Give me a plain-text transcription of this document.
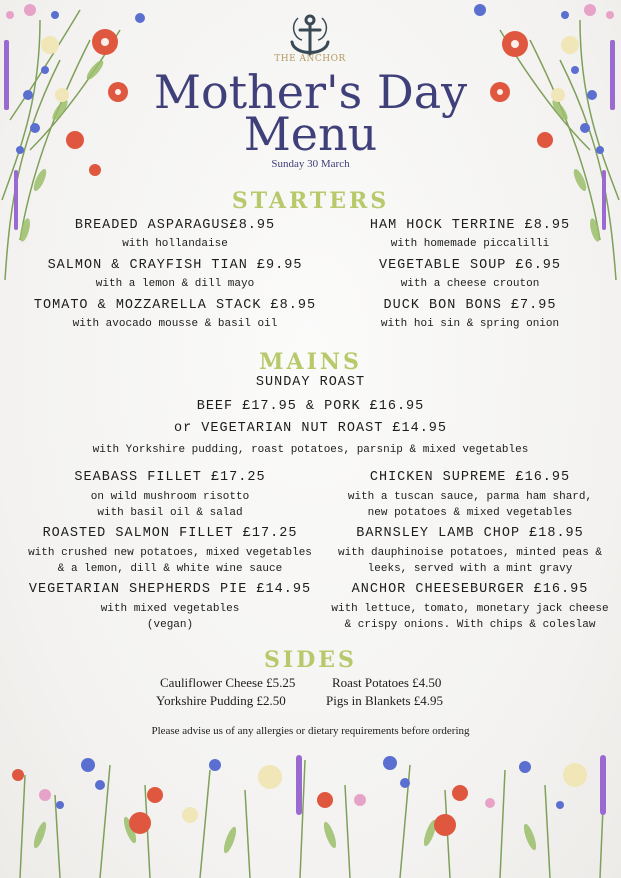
THE ANCHOR
Mother's Day
Menu
Sunday 30 March
STARTERS
BREADED ASPARAGUS£8.95
with hollandaise
SALMON & CRAYFISH TIAN £9.95
with a lemon & dill mayo
TOMATO & MOZZARELLA STACK £8.95
with avocado mousse & basil oil
HAM HOCK TERRINE £8.95
with homemade piccalilli
VEGETABLE SOUP £6.95
with a cheese crouton
DUCK BON BONS £7.95
with hoi sin & spring onion
MAINS
SUNDAY ROAST
BEEF £17.95 & PORK £16.95
or VEGETARIAN NUT ROAST £14.95
with Yorkshire pudding, roast potatoes, parsnip & mixed vegetables
SEABASS FILLET £17.25
on wild mushroom risotto
with basil oil & salad
ROASTED SALMON FILLET £17.25
with crushed new potatoes, mixed vegetables
& a lemon, dill & white wine sauce
VEGETARIAN SHEPHERDS PIE £14.95
with mixed vegetables
(vegan)
CHICKEN SUPREME £16.95
with a tuscan sauce, parma ham shard,
new potatoes & mixed vegetables
BARNSLEY LAMB CHOP £18.95
with dauphinoise potatoes, minted peas &
leeks, served with a mint gravy
ANCHOR CHEESEBURGER £16.95
with lettuce, tomato, monetary jack cheese
& crispy onions. With chips & coleslaw
SIDES
Cauliflower Cheese £5.25	Roast Potatoes £4.50
Yorkshire Pudding £2.50	Pigs in Blankets £4.95
Please advise us of any allergies or dietary requirements before ordering
